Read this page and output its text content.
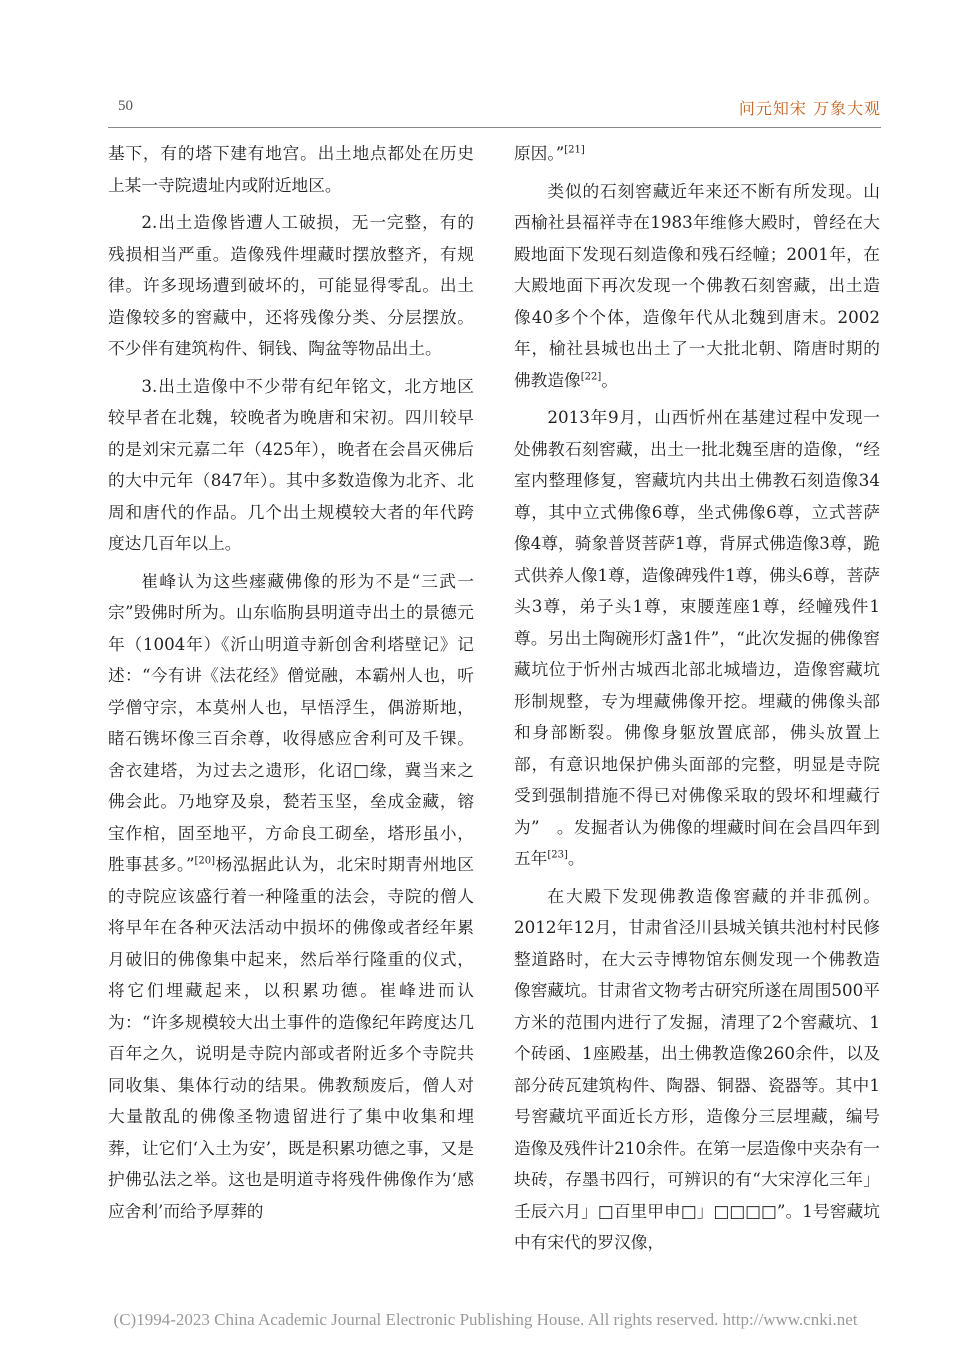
50	问元知宋 万象大观

基下，有的塔下建有地宫。出土地点都处在历史上某一寺院遗址内或附近地区。

2.出土造像皆遭人工破损，无一完整，有的残损相当严重。造像残件埋藏时摆放整齐，有规律。许多现场遭到破坏的，可能显得零乱。出土造像较多的窖藏中，还将残像分类、分层摆放。不少伴有建筑构件、铜钱、陶盆等物品出土。

3.出土造像中不少带有纪年铭文，北方地区较早者在北魏，较晚者为晚唐和宋初。四川较早的是刘宋元嘉二年（425年），晚者在会昌灭佛后的大中元年（847年）。其中多数造像为北齐、北周和唐代的作品。几个出土规模较大者的年代跨度达几百年以上。

崔峰认为这些瘗藏佛像的形为不是“三武一宗”毁佛时所为。山东临朐县明道寺出土的景德元年（1004年）《沂山明道寺新创舍利塔壁记》记述：“今有讲《法花经》僧觉融，本霸州人也，听学僧守宗，本莫州人也，早悟浮生，偶游斯地，睹石镌坏像三百余尊，收得感应舍利可及千锞。舍衣建塔，为过去之遗形，化诏□缘，冀当来之佛会此。乃地穿及泉，甃若玉坚，垒成金藏，镕宝作棺，固至地平，方命良工砌垒，塔形虽小，胜事甚多。”[20]杨泓据此认为，北宋时期青州地区的寺院应该盛行着一种隆重的法会，寺院的僧人将早年在各种灭法活动中损坏的佛像或者经年累月破旧的佛像集中起来，然后举行隆重的仪式，将它们埋藏起来，以积累功德。崔峰进而认为：“许多规模较大出土事件的造像纪年跨度达几百年之久，说明是寺院内部或者附近多个寺院共同收集、集体行动的结果。佛教颓废后，僧人对大量散乱的佛像圣物遗留进行了集中收集和埋葬，让它们‘入土为安’，既是积累功德之事，又是护佛弘法之举。这也是明道寺将残件佛像作为‘感应舍利’而给予厚葬的

原因。”[21]

类似的石刻窖藏近年来还不断有所发现。山西榆社县福祥寺在1983年维修大殿时，曾经在大殿地面下发现石刻造像和残石经幢；2001年，在大殿地面下再次发现一个佛教石刻窖藏，出土造像40多个个体，造像年代从北魏到唐末。2002年，榆社县城也出土了一大批北朝、隋唐时期的佛教造像[22]。

2013年9月，山西忻州在基建过程中发现一处佛教石刻窖藏，出土一批北魏至唐的造像，“经室内整理修复，窖藏坑内共出土佛教石刻造像34尊，其中立式佛像6尊，坐式佛像6尊，立式菩萨像4尊，骑象普贤菩萨1尊，背屏式佛造像3尊，跪式供养人像1尊，造像碑残件1尊，佛头6尊，菩萨头3尊，弟子头1尊，束腰莲座1尊，经幢残件1尊。另出土陶碗形灯盏1件”，“此次发掘的佛像窖藏坑位于忻州古城西北部北城墙边，造像窖藏坑形制规整，专为埋藏佛像开挖。埋藏的佛像头部和身部断裂。佛像身躯放置底部，佛头放置上部，有意识地保护佛头面部的完整，明显是寺院受到强制措施不得已对佛像采取的毁坏和埋藏行为”　。发掘者认为佛像的埋藏时间在会昌四年到五年[23]。

在大殿下发现佛教造像窖藏的并非孤例。2012年12月，甘肃省泾川县城关镇共池村村民修整道路时，在大云寺博物馆东侧发现一个佛教造像窖藏坑。甘肃省文物考古研究所遂在周围500平方米的范围内进行了发掘，清理了2个窖藏坑、1个砖函、1座殿基，出土佛教造像260余件，以及部分砖瓦建筑构件、陶器、铜器、瓷器等。其中1号窖藏坑平面近长方形，造像分三层埋藏，编号造像及残件计210余件。在第一层造像中夹杂有一块砖，存墨书四行，可辨识的有“大宋淳化三年」壬辰六月」□百里甲申□」□□□□”。1号窖藏坑中有宋代的罗汉像，

(C)1994-2023 China Academic Journal Electronic Publishing House. All rights reserved. http://www.cnki.net
